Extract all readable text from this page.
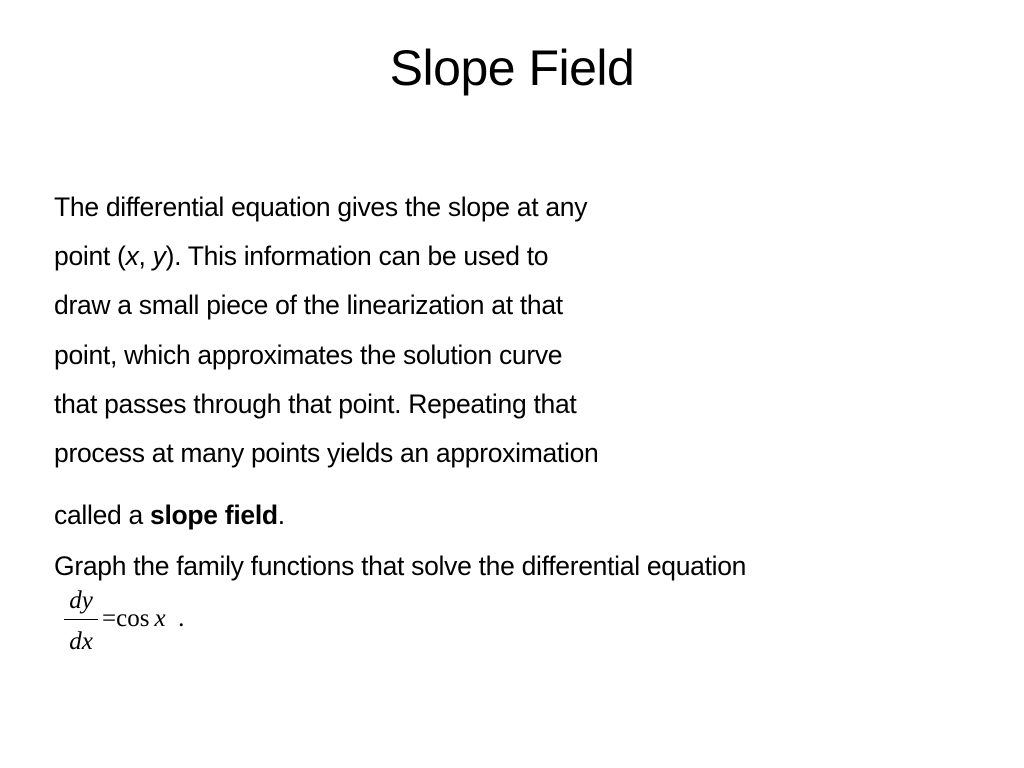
Slope Field
The differential equation gives the slope at any
point (x, y). This information can be used to
draw a small piece of the linearization at that
point, which approximates the solution curve
that passes through that point. Repeating that
process at many points yields an approximation
called a slope field.
Graph the family functions that solve the differential equation
dy
dx
=cos  x  .
